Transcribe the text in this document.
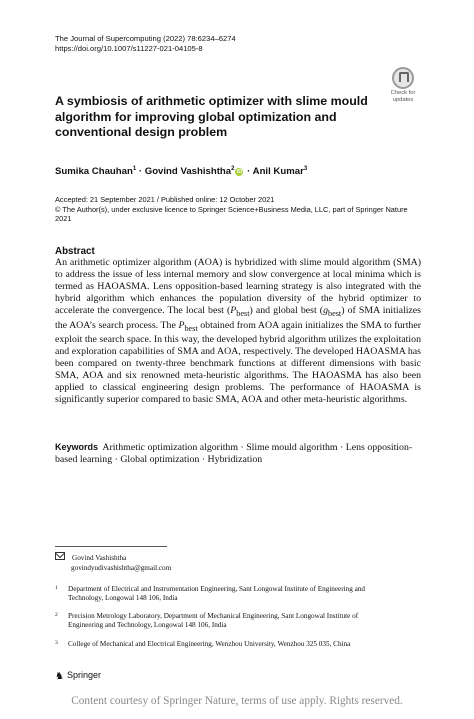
The Journal of Supercomputing (2022) 78:6234–6274
https://doi.org/10.1007/s11227-021-04105-8
Check for
updates
A symbiosis of arithmetic optimizer with slime mould algorithm for improving global optimization and conventional design problem
Sumika Chauhan$^1$ · Govind Vashishtha$^2$iD · Anil Kumar$^3$
Accepted: 21 September 2021 / Published online: 12 October 2021
© The Author(s), under exclusive licence to Springer Science+Business Media, LLC, part of Springer Nature 2021
Abstract

An arithmetic optimizer algorithm (AOA) is hybridized with slime mould algorithm (SMA) to address the issue of less internal memory and slow convergence at local minima which is termed as HAOASMA. Lens opposition-based learning strategy is also integrated with the hybrid algorithm which enhances the population diversity of the hybrid optimizer to accelerate the convergence. The local best $(P_{best})$ and global best $(g_{best})$ of SMA initializes the AOA’s search process. The $P_{best}$ obtained from AOA again initializes the SMA to further exploit the search space. In this way, the developed hybrid algorithm utilizes the exploitation and exploration capabilities of SMA and AOA, respectively. The developed HAOASMA has been compared on twenty-three benchmark functions at different dimensions with basic SMA, AOA and six renowned meta-heuristic algorithms. The HAOASMA has also been applied to classical engineering design problems. The performance of HAOASMA is significantly superior compared to basic SMA, AOA and other meta-heuristic algorithms.

Keywords Arithmetic optimization algorithm · Slime mould algorithm · Lens opposition-based learning · Global optimization · Hybridization
Govind Vashishtha
govindyudivashishtha@gmail.com
1 Department of Electrical and Instrumentation Engineering, Sant Longowal Institute of Engineering and Technology, Longowal 148 106, India
2 Precision Metrology Laboratory, Department of Mechanical Engineering, Sant Longowal Institute of Engineering and Technology, Longowal 148 106, India
3 College of Mechanical and Electrical Engineering, Wenzhou University, Wenzhou 325 035, China
♞ Springer
Content courtesy of Springer Nature, terms of use apply. Rights reserved.
